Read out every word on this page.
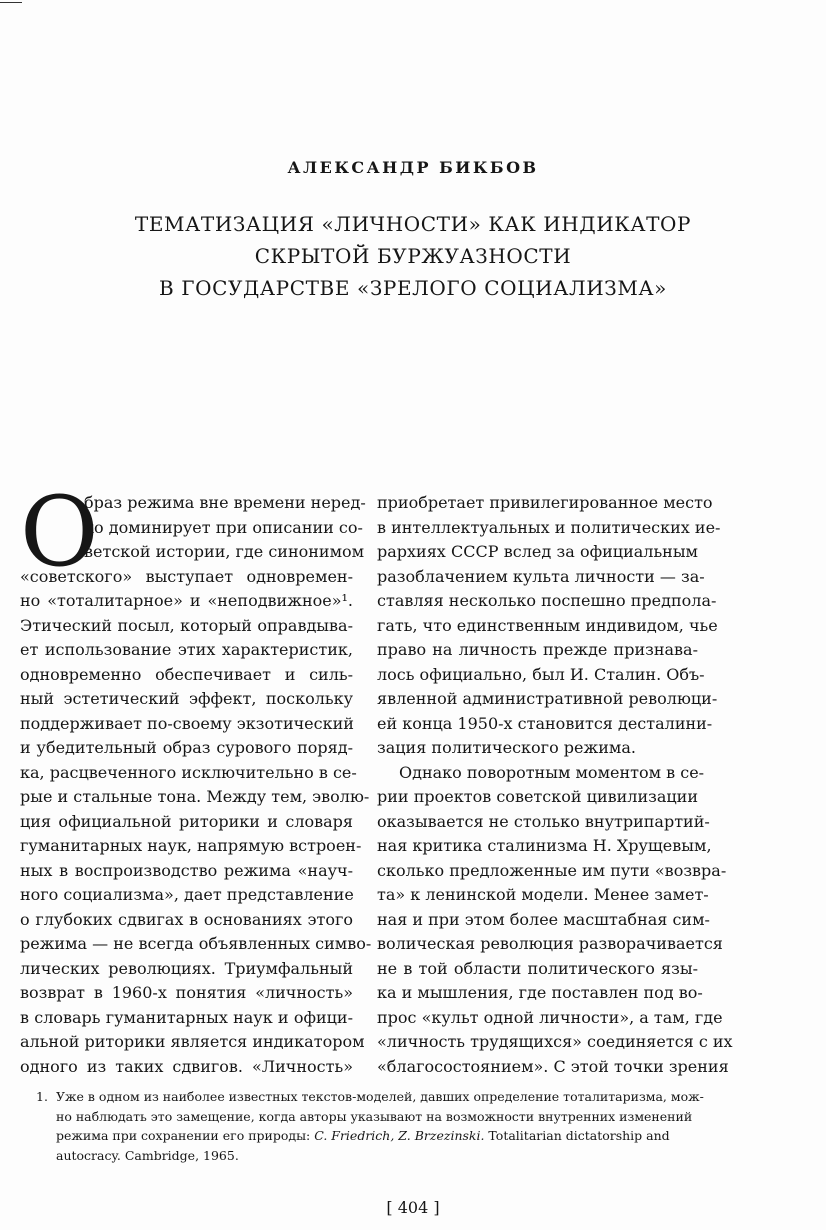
АЛЕКСАНДР БИКБОВ
ТЕМАТИЗАЦИЯ «ЛИЧНОСТИ» КАК ИНДИКАТОР
СКРЫТОЙ БУРЖУАЗНОСТИ
В ГОСУДАРСТВЕ «ЗРЕЛОГО СОЦИАЛИЗМА»
О
браз режима вне времени неред-
ко доминирует при описании со-
ветской истории, где синонимом
«советского» выступает одновремен-
но «тоталитарное» и «неподвижное»¹.
Этический посыл, который оправдыва-
ет использование этих характеристик,
одновременно обеспечивает и силь-
ный эстетический эффект, поскольку
поддерживает по-своему экзотический
и убедительный образ сурового поряд-
ка, расцвеченного исключительно в се-
рые и стальные тона. Между тем, эволю-
ция официальной риторики и словаря
гуманитарных наук, напрямую встроен-
ных в воспроизводство режима «науч-
ного социализма», дает представление
о глубоких сдвигах в основаниях этого
режима — не всегда объявленных симво-
лических революциях. Триумфальный
возврат в 1960-х понятия «личность»
в словарь гуманитарных наук и офици-
альной риторики является индикатором
одного из таких сдвигов. «Личность»
приобретает привилегированное место
в интеллектуальных и политических ие-
рархиях СССР вслед за официальным
разоблачением культа личности — за-
ставляя несколько поспешно предпола-
гать, что единственным индивидом, чье
право на личность прежде признава-
лось официально, был И. Сталин. Объ-
явленной административной революци-
ей конца 1950-х становится десталини-
зация политического режима.
Однако поворотным моментом в се-
рии проектов советской цивилизации
оказывается не столько внутрипартий-
ная критика сталинизма Н. Хрущевым,
сколько предложенные им пути «возвра-
та» к ленинской модели. Менее замет-
ная и при этом более масштабная сим-
волическая революция разворачивается
не в той области политического язы-
ка и мышления, где поставлен под во-
прос «культ одной личности», а там, где
«личность трудящихся» соединяется с их
«благосостоянием». С этой точки зрения
1. Уже в одном из наиболее известных текстов-моделей, давших определение тоталитаризма, мож-
но наблюдать это замещение, когда авторы указывают на возможности внутренних изменений
режима при сохранении его природы: C. Friedrich, Z. Brzezinski. Totalitarian dictatorship and
autocracy. Cambridge, 1965.
[ 404 ]
